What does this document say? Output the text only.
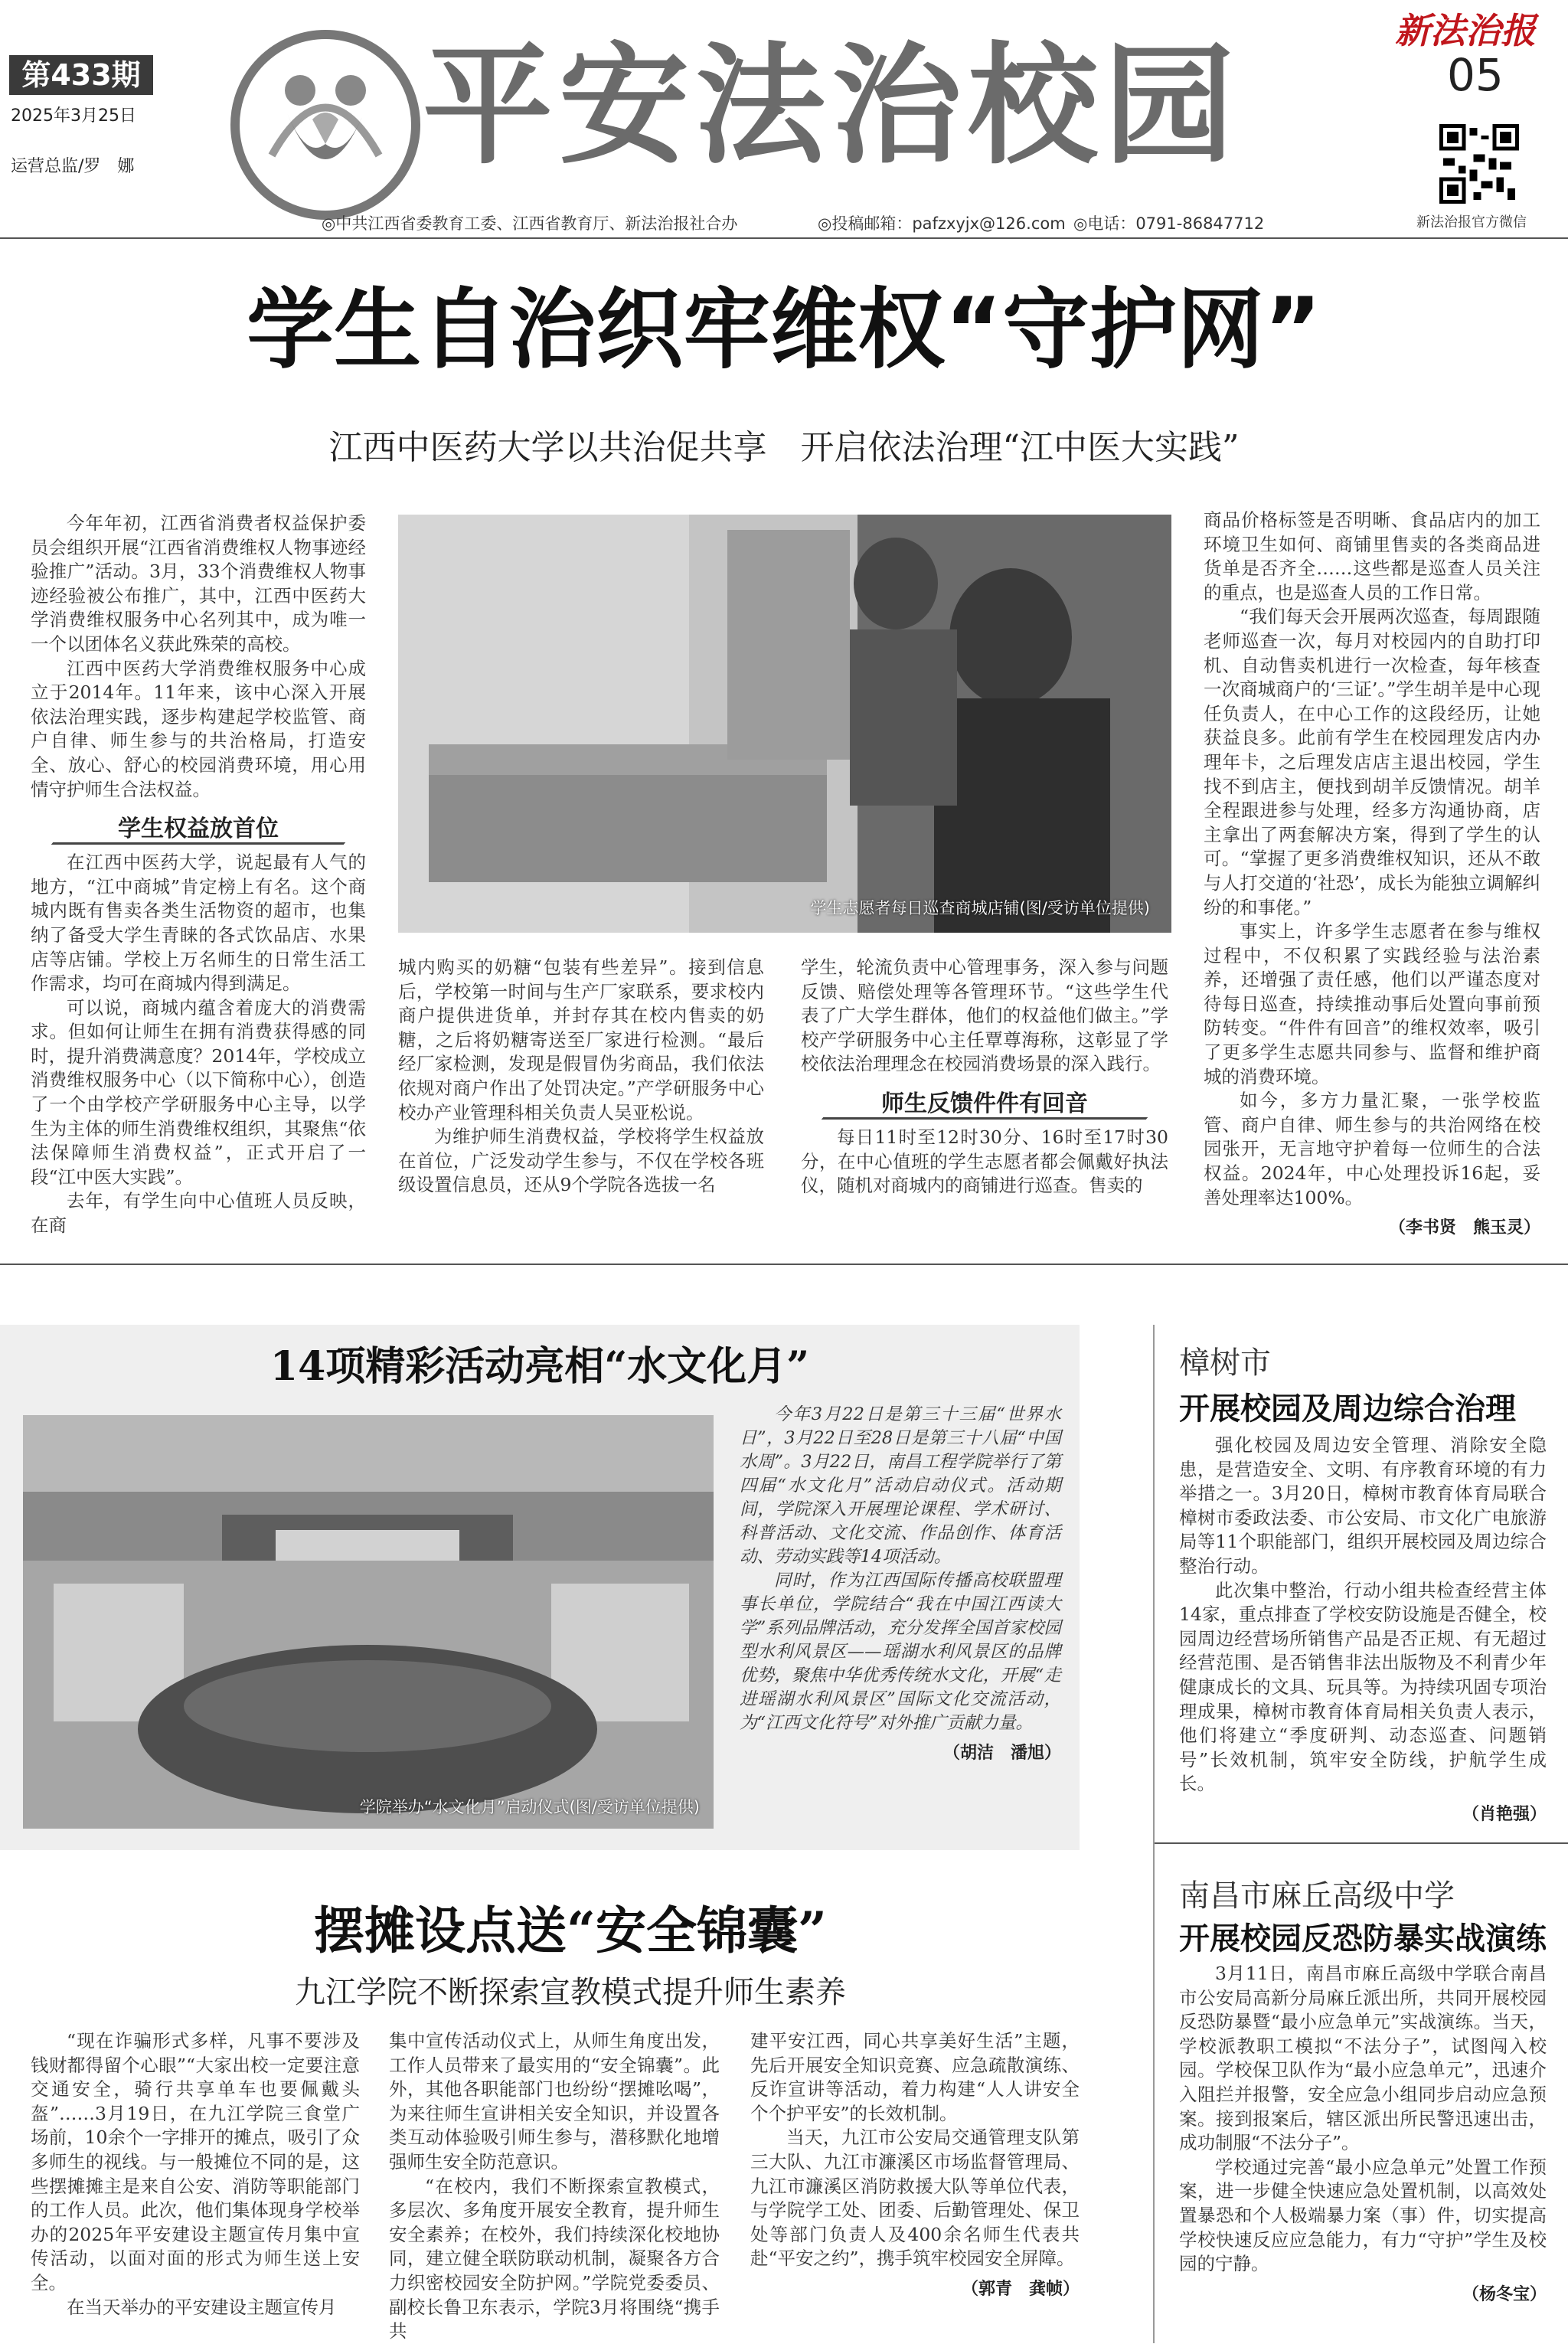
第433期
2025年3月25日
运营总监/罗　娜 平安法治校园	新法治报
05
新法治报官方微信
◎中共江西省委教育工委、江西省教育厅、新法治报社合办	◎投稿邮箱：pafzxyjx@126.com ◎电话：0791-86847712
学生自治织牢维权“守护网”
江西中医药大学以共治促共享　开启依法治理“江中医大实践”

今年年初，江西省消费者权益保护委员会组织开展“江西省消费维权人物事迹经验推广”活动。3月，33个消费维权人物事迹经验被公布推广，其中，江西中医药大学消费维权服务中心名列其中，成为唯一一个以团体名义获此殊荣的高校。

江西中医药大学消费维权服务中心成立于2014年。11年来，该中心深入开展依法治理实践，逐步构建起学校监管、商户自律、师生参与的共治格局，打造安全、放心、舒心的校园消费环境，用心用情守护师生合法权益。

学生权益放首位

在江西中医药大学，说起最有人气的地方，“江中商城”肯定榜上有名。这个商城内既有售卖各类生活物资的超市，也集纳了备受大学生青睐的各式饮品店、水果店等店铺。学校上万名师生的日常生活工作需求，均可在商城内得到满足。

可以说，商城内蕴含着庞大的消费需求。但如何让师生在拥有消费获得感的同时，提升消费满意度？2014年，学校成立消费维权服务中心（以下简称中心），创造了一个由学校产学研服务中心主导，以学生为主体的师生消费维权组织，其聚焦“依法保障师生消费权益”，正式开启了一段“江中医大实践”。

去年，有学生向中心值班人员反映，在商

学生志愿者每日巡查商城店铺(图/受访单位提供)

城内购买的奶糖“包装有些差异”。接到信息后，学校第一时间与生产厂家联系，要求校内商户提供进货单，并封存其在校内售卖的奶糖，之后将奶糖寄送至厂家进行检测。“最后经厂家检测，发现是假冒伪劣商品，我们依法依规对商户作出了处罚决定。”产学研服务中心校办产业管理科相关负责人吴亚松说。

为维护师生消费权益，学校将学生权益放在首位，广泛发动学生参与，不仅在学校各班级设置信息员，还从9个学院各选拔一名

学生，轮流负责中心管理事务，深入参与问题反馈、赔偿处理等各管理环节。“这些学生代表了广大学生群体，他们的权益他们做主。”学校产学研服务中心主任覃尊海称，这彰显了学校依法治理理念在校园消费场景的深入践行。

师生反馈件件有回音

每日11时至12时30分、16时至17时30分，在中心值班的学生志愿者都会佩戴好执法仪，随机对商城内的商铺进行巡查。售卖的

商品价格标签是否明晰、食品店内的加工环境卫生如何、商铺里售卖的各类商品进货单是否齐全……这些都是巡查人员关注的重点，也是巡查人员的工作日常。

“我们每天会开展两次巡查，每周跟随老师巡查一次，每月对校园内的自助打印机、自动售卖机进行一次检查，每年核查一次商城商户的‘三证’。”学生胡羊是中心现任负责人，在中心工作的这段经历，让她获益良多。此前有学生在校园理发店内办理年卡，之后理发店店主退出校园，学生找不到店主，便找到胡羊反馈情况。胡羊全程跟进参与处理，经多方沟通协商，店主拿出了两套解决方案，得到了学生的认可。“掌握了更多消费维权知识，还从不敢与人打交道的‘社恐’，成长为能独立调解纠纷的和事佬。”

事实上，许多学生志愿者在参与维权过程中，不仅积累了实践经验与法治素养，还增强了责任感，他们以严谨态度对待每日巡查，持续推动事后处置向事前预防转变。“件件有回音”的维权效率，吸引了更多学生志愿共同参与、监督和维护商城的消费环境。

如今，多方力量汇聚，一张学校监管、商户自律、师生参与的共治网络在校园张开，无言地守护着每一位师生的合法权益。2024年，中心处理投诉16起，妥善处理率达100%。

（李书贤　熊玉灵）
14项精彩活动亮相“水文化月”
学院举办“水文化月”启动仪式(图/受访单位提供)

今年3月22日是第三十三届“世界水日”，3月22日至28日是第三十八届“中国水周”。3月22日，南昌工程学院举行了第四届“水文化月”活动启动仪式。活动期间，学院深入开展理论课程、学术研讨、科普活动、文化交流、作品创作、体育活动、劳动实践等14项活动。

同时，作为江西国际传播高校联盟理事长单位，学院结合“我在中国江西读大学”系列品牌活动，充分发挥全国首家校园型水利风景区——瑶湖水利风景区的品牌优势，聚焦中华优秀传统水文化，开展“走进瑶湖水利风景区”国际文化交流活动，为“江西文化符号”对外推广贡献力量。

（胡洁　潘旭）
樟树市
开展校园及周边综合治理

强化校园及周边安全管理、消除安全隐患，是营造安全、文明、有序教育环境的有力举措之一。3月20日，樟树市教育体育局联合樟树市委政法委、市公安局、市文化广电旅游局等11个职能部门，组织开展校园及周边综合整治行动。

此次集中整治，行动小组共检查经营主体14家，重点排查了学校安防设施是否健全，校园周边经营场所销售产品是否正规、有无超过经营范围、是否销售非法出版物及不利青少年健康成长的文具、玩具等。为持续巩固专项治理成果，樟树市教育体育局相关负责人表示，他们将建立“季度研判、动态巡查、问题销号”长效机制，筑牢安全防线，护航学生成长。

（肖艳强）
南昌市麻丘高级中学
开展校园反恐防暴实战演练

3月11日，南昌市麻丘高级中学联合南昌市公安局高新分局麻丘派出所，共同开展校园反恐防暴暨“最小应急单元”实战演练。当天，学校派教职工模拟“不法分子”，试图闯入校园。学校保卫队作为“最小应急单元”，迅速介入阻拦并报警，安全应急小组同步启动应急预案。接到报案后，辖区派出所民警迅速出击，成功制服“不法分子”。

学校通过完善“最小应急单元”处置工作预案，进一步健全快速应急处置机制，以高效处置暴恐和个人极端暴力案（事）件，切实提高学校快速反应应急能力，有力“守护”学生及校园的宁静。

（杨冬宝）
摆摊设点送“安全锦囊”
九江学院不断探索宣教模式提升师生素养

“现在诈骗形式多样，凡事不要涉及钱财都得留个心眼”“大家出校一定要注意交通安全，骑行共享单车也要佩戴头盔”……3月19日，在九江学院三食堂广场前，10余个一字排开的摊点，吸引了众多师生的视线。与一般摊位不同的是，这些摆摊摊主是来自公安、消防等职能部门的工作人员。此次，他们集体现身学校举办的2025年平安建设主题宣传月集中宣传活动，以面对面的形式为师生送上安全。

在当天举办的平安建设主题宣传月

集中宣传活动仪式上，从师生角度出发，工作人员带来了最实用的“安全锦囊”。此外，其他各职能部门也纷纷“摆摊吆喝”，为来往师生宣讲相关安全知识，并设置各类互动体验吸引师生参与，潜移默化地增强师生安全防范意识。

“在校内，我们不断探索宣教模式，多层次、多角度开展安全教育，提升师生安全素养；在校外，我们持续深化校地协同，建立健全联防联动机制，凝聚各方合力织密校园安全防护网。”学院党委委员、副校长鲁卫东表示，学院3月将围绕“携手共

建平安江西，同心共享美好生活”主题，先后开展安全知识竞赛、应急疏散演练、反诈宣讲等活动，着力构建“人人讲安全　个个护平安”的长效机制。

当天，九江市公安局交通管理支队第三大队、九江市濂溪区市场监督管理局、九江市濂溪区消防救援大队等单位代表，与学院学工处、团委、后勤管理处、保卫处等部门负责人及400余名师生代表共赴“平安之约”，携手筑牢校园安全屏障。

（郭青　龚帧）
